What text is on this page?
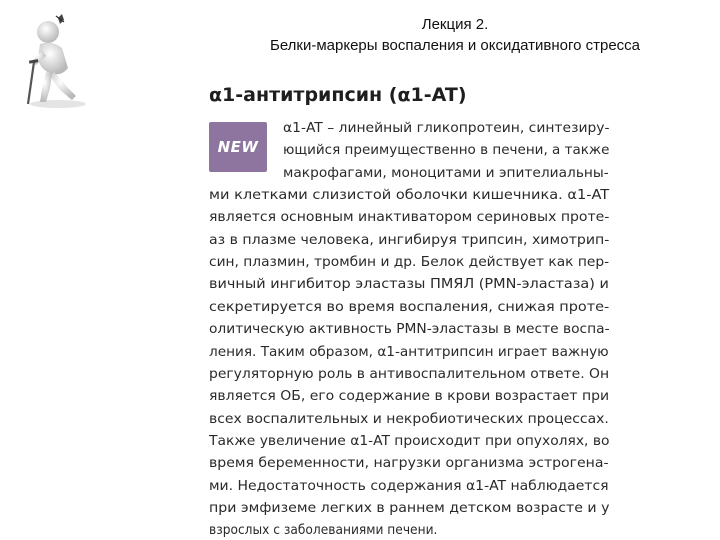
Лекция 2.
Белки-маркеры воспаления и оксидативного стресса
α1-антитрипсин (α1-AT)
NEW
α1-AT – линейный гликопротеин, синтезиру-
ющийся преимущественно в печени, а также
макрофагами, моноцитами и эпителиальны-
ми клетками слизистой оболочки кишечника. α1-AT
является основным инактиватором сериновых проте-
аз в плазме человека, ингибируя трипсин, химотрип-
син, плазмин, тромбин и др. Белок действует как пер-
вичный ингибитор эластазы ПМЯЛ (PMN-эластаза) и
секретируется во время воспаления, снижая проте-
олитическую активность PMN-эластазы в месте воспа-
ления. Таким образом, α1-антитрипсин играет важную
регуляторную роль в антивоспалительном ответе. Он
является ОБ, его содержание в крови возрастает при
всех воспалительных и некробиотических процессах.
Также увеличение α1-AT происходит при опухолях, во
время беременности, нагрузки организма эстрогена-
ми. Недостаточность содержания α1-AT наблюдается
при эмфиземе легких в раннем детском возрасте и у
взрослых с заболеваниями печени.
